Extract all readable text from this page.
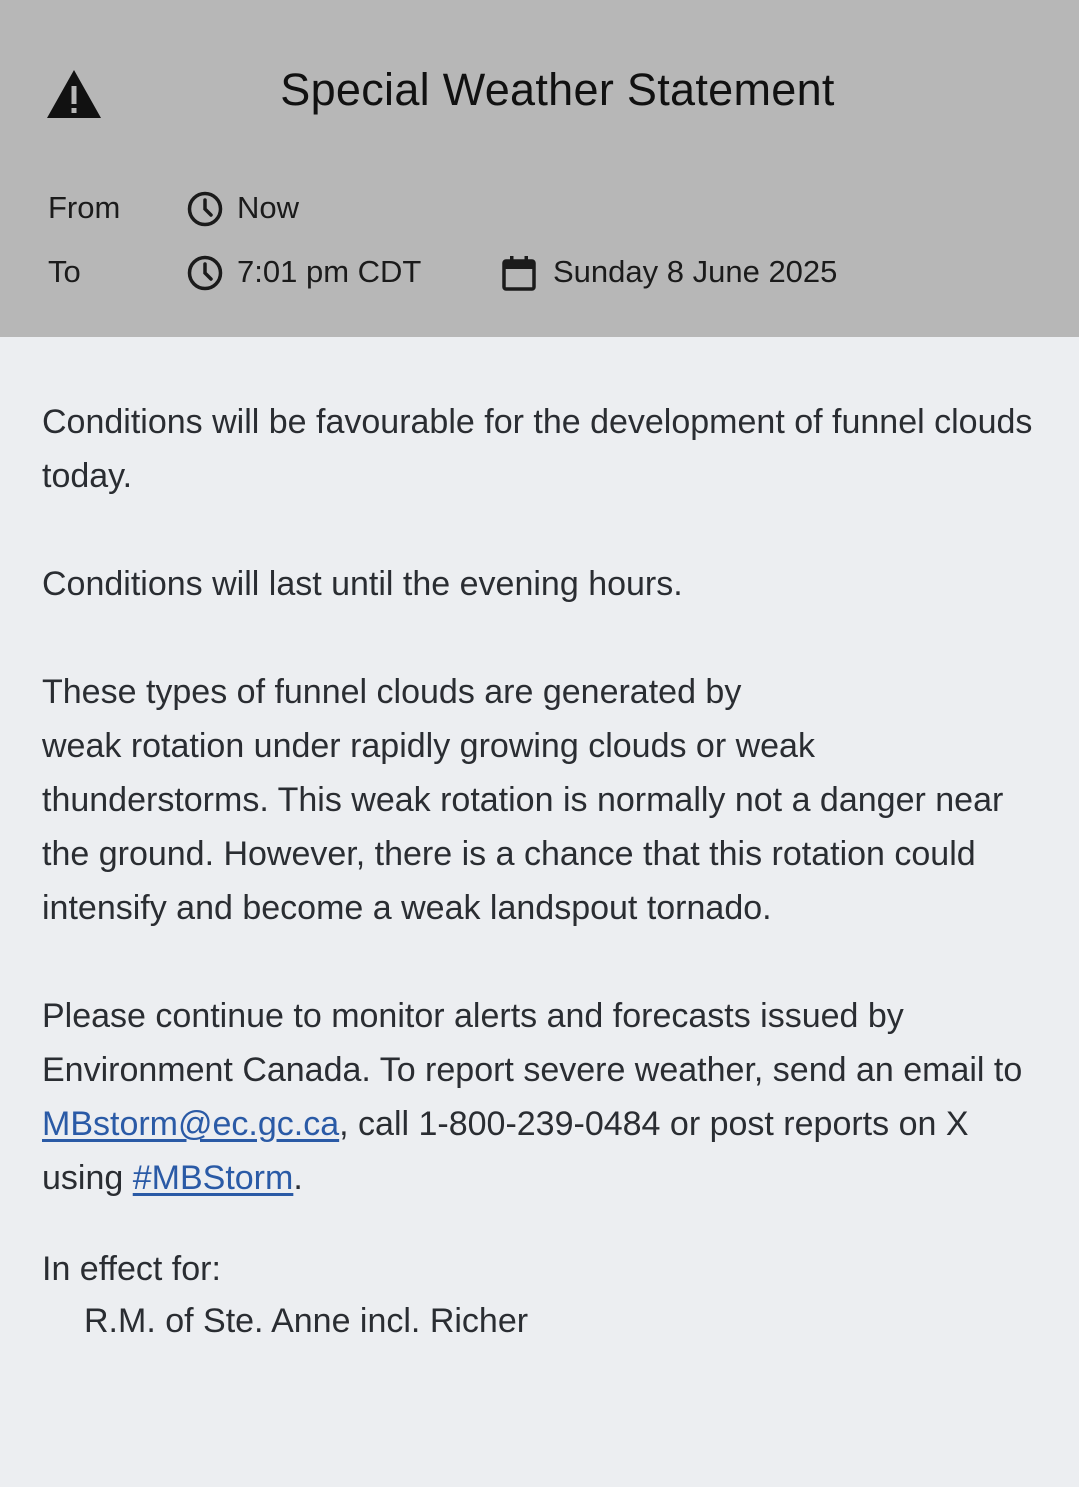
Special Weather Statement
From	Now
To	7:01 pm CDT	Sunday 8 June 2025

Conditions will be favourable for the development of funnel clouds today.

Conditions will last until the evening hours.

These types of funnel clouds are generated by
weak rotation under rapidly growing clouds or weak thunderstorms. This weak rotation is normally not a danger near the ground. However, there is a chance that this rotation could intensify and become a weak landspout tornado.

Please continue to monitor alerts and forecasts issued by Environment Canada. To report severe weather, send an email to MBstorm@ec.gc.ca, call 1-800-239-0484 or post reports on X using #MBStorm.

In effect for:
R.M. of Ste. Anne incl. Richer
